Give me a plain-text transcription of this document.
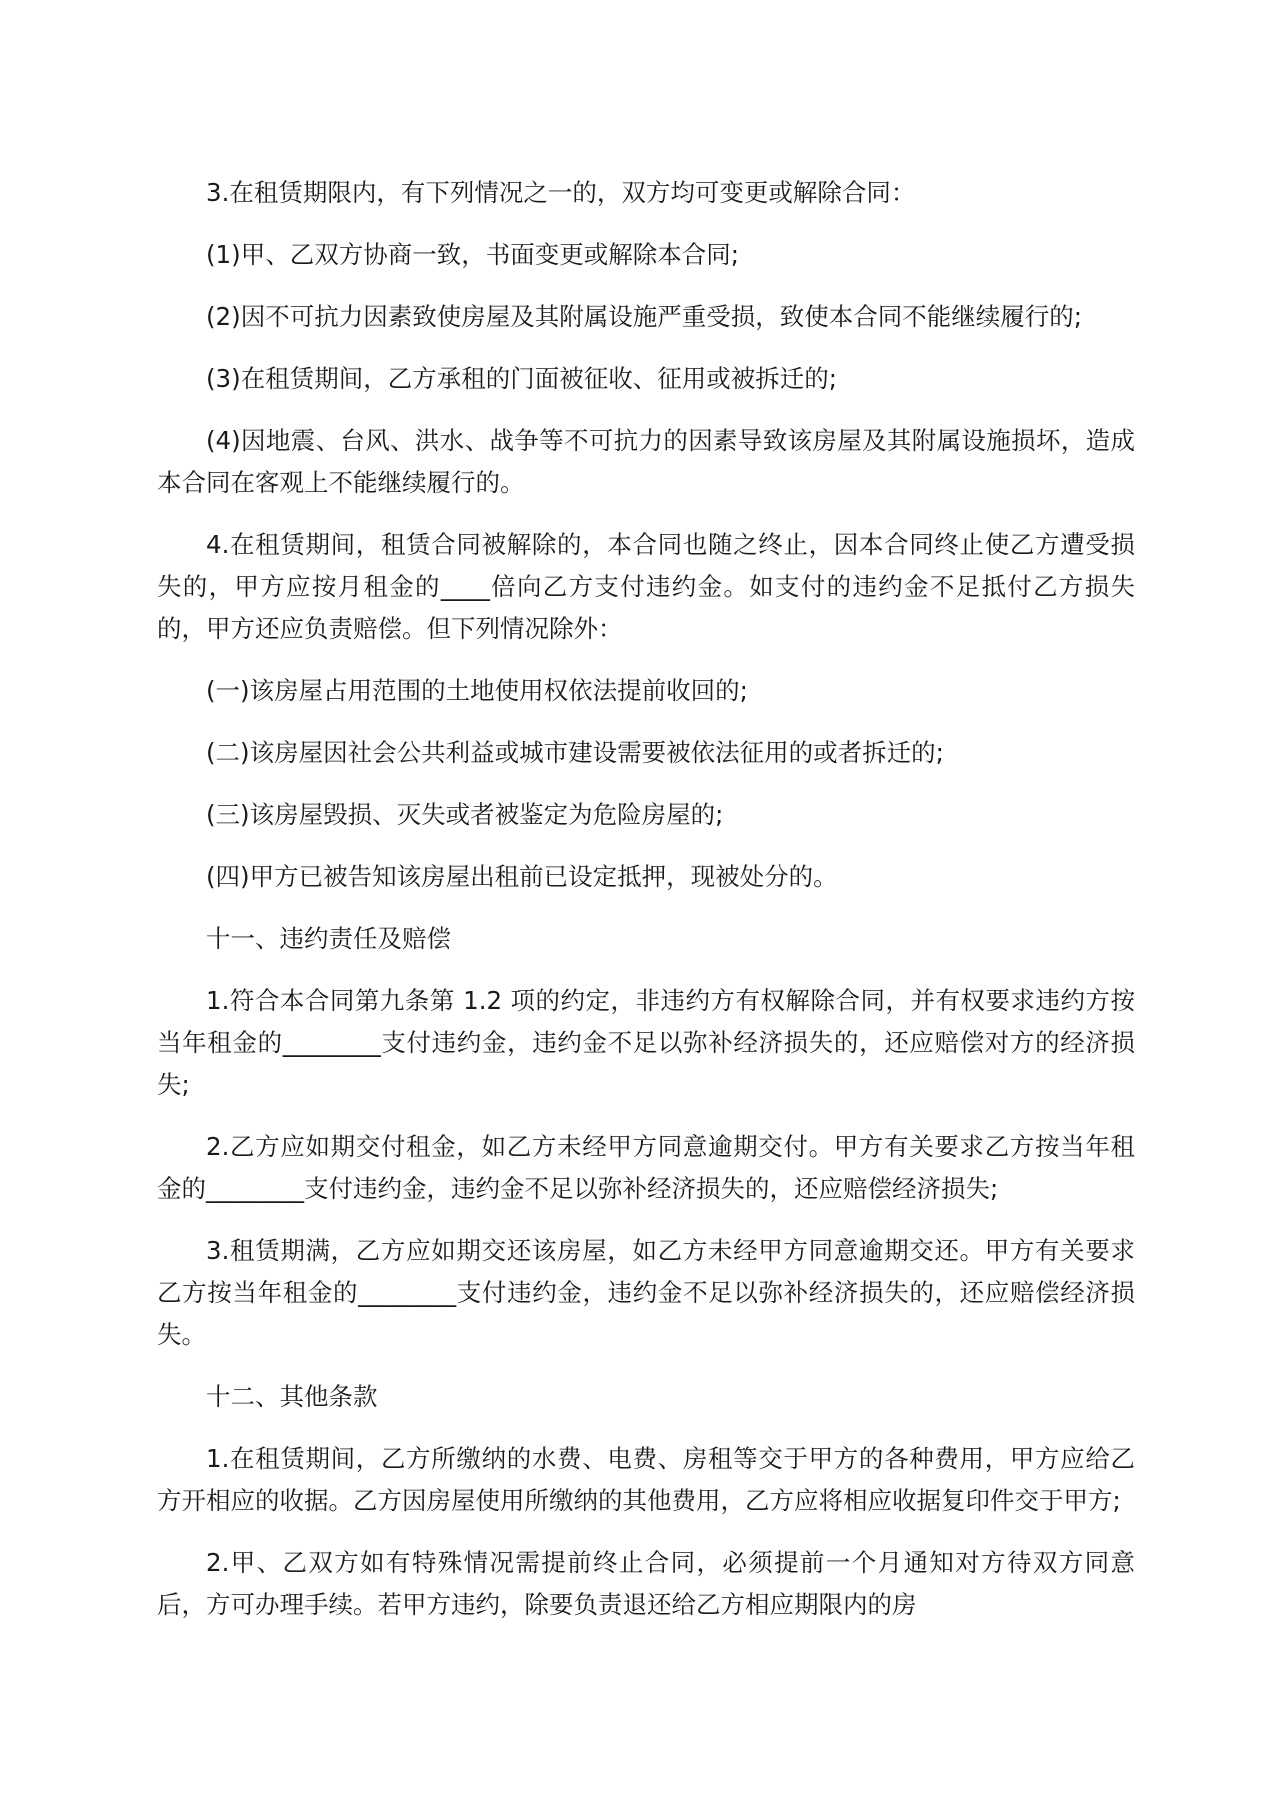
3.在租赁期限内，有下列情况之一的，双方均可变更或解除合同：

(1)甲、乙双方协商一致，书面变更或解除本合同;

(2)因不可抗力因素致使房屋及其附属设施严重受损，致使本合同不能继续履行的;

(3)在租赁期间，乙方承租的门面被征收、征用或被拆迁的;

(4)因地震、台风、洪水、战争等不可抗力的因素导致该房屋及其附属设施损坏，造成本合同在客观上不能继续履行的。

4.在租赁期间，租赁合同被解除的，本合同也随之终止，因本合同终止使乙方遭受损失的，甲方应按月租金的____倍向乙方支付违约金。如支付的违约金不足抵付乙方损失的，甲方还应负责赔偿。但下列情况除外：

(一)该房屋占用范围的土地使用权依法提前收回的;

(二)该房屋因社会公共利益或城市建设需要被依法征用的或者拆迁的;

(三)该房屋毁损、灭失或者被鉴定为危险房屋的;

(四)甲方已被告知该房屋出租前已设定抵押，现被处分的。

十一、违约责任及赔偿

1.符合本合同第九条第 1.2 项的约定，非违约方有权解除合同，并有权要求违约方按当年租金的________支付违约金，违约金不足以弥补经济损失的，还应赔偿对方的经济损失;

2.乙方应如期交付租金，如乙方未经甲方同意逾期交付。甲方有关要求乙方按当年租金的________支付违约金，违约金不足以弥补经济损失的，还应赔偿经济损失;

3.租赁期满，乙方应如期交还该房屋，如乙方未经甲方同意逾期交还。甲方有关要求乙方按当年租金的________支付违约金，违约金不足以弥补经济损失的，还应赔偿经济损失。

十二、其他条款

1.在租赁期间，乙方所缴纳的水费、电费、房租等交于甲方的各种费用，甲方应给乙方开相应的收据。乙方因房屋使用所缴纳的其他费用，乙方应将相应收据复印件交于甲方;

2.甲、乙双方如有特殊情况需提前终止合同，必须提前一个月通知对方待双方同意后，方可办理手续。若甲方违约，除要负责退还给乙方相应期限内的房
